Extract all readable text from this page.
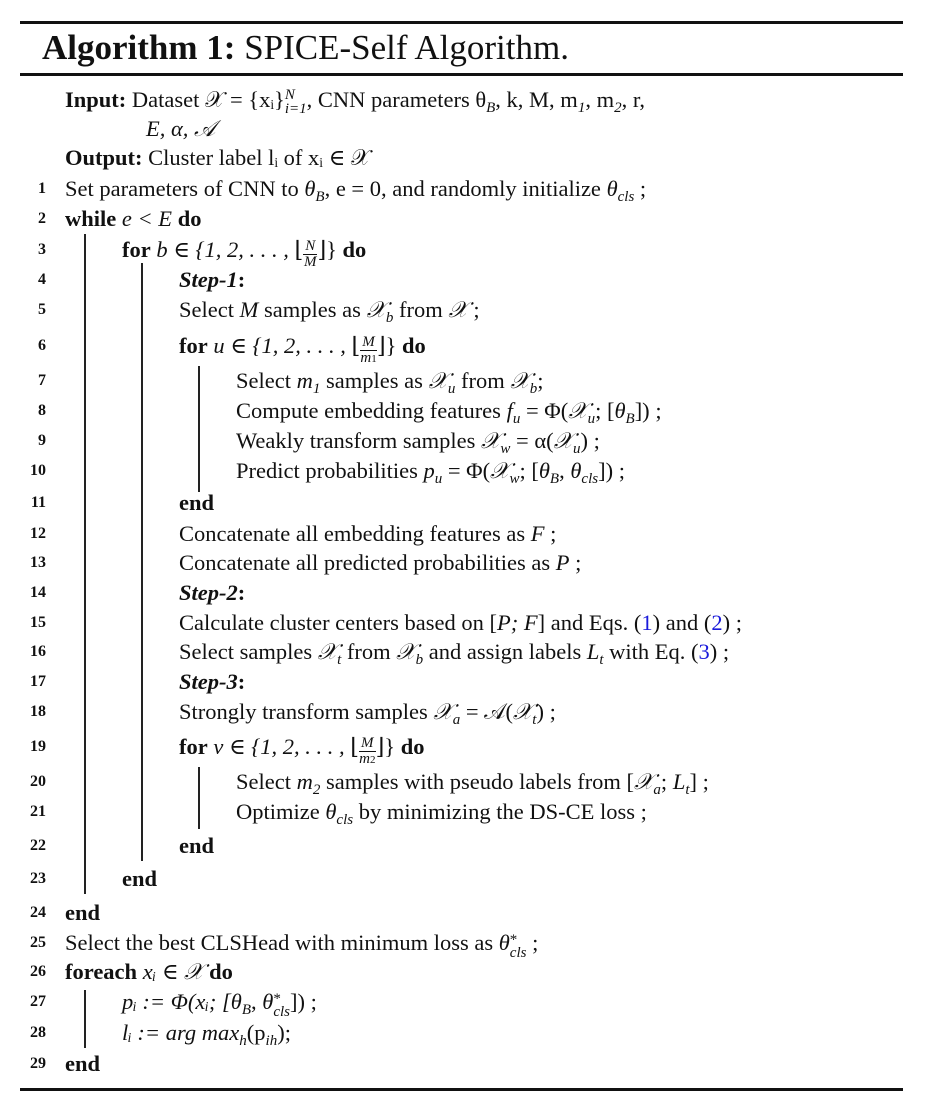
Algorithm 1: SPICE-Self Algorithm.
Input: Dataset 𝒳 = {xᵢ} N
i=1 , CNN parameters $\theta_B$, k, M, $m_1$, $m_2$, r,
E, α, 𝒜
Output: Cluster label lᵢ of xᵢ ∈ 𝒳
1 Set parameters of CNN to $\theta_B$, e = 0, and randomly initialize $\theta_{cls}$ ;
2 while e < E do
3	for b ∈ {1, 2, . . . , ⌊ $\frac{N}{M}$ ⌋} do
4	Step-1:
5	Select M samples as 𝒳$_b$ from 𝒳 ;
6	for u ∈ {1, 2, . . . , ⌊ $\frac{M}{m1}$ ⌋} do
7	Select $m_1$ samples as 𝒳$_u$ from 𝒳$_b$;
8	Compute embedding features $f_u$ = Φ(𝒳$_u$; $[\theta_B]$) ;
9	Weakly transform samples 𝒳$_w$ = α(𝒳$_u$) ;
10	Predict probabilities $p_u$ = Φ(𝒳$_w$; [$\theta_B$, $\theta_{cls}$]) ;
11	end
12	Concatenate all embedding features as F ;
13	Concatenate all predicted probabilities as P ;
14	Step-2:
15	Calculate cluster centers based on [P; F] and Eqs. (1) and (2) ;
16	Select samples 𝒳$_t$ from 𝒳$_b$ and assign labels $L_t$ with Eq. (3) ;
17	Step-3:
18	Strongly transform samples 𝒳$_a$ = 𝒜(𝒳$_t$) ;
19	for v ∈ {1, 2, . . . , ⌊ $\frac{M}{m2}$ ⌋} do
20	Select $m_2$ samples with pseudo labels from [𝒳$_a$; $L_t$] ;
21	Optimize $\theta_{cls}$ by minimizing the DS-CE loss ;
22	end
23	end
24 end
25 Select the best CLSHead with minimum loss as θ *
cls ;
26 foreach xᵢ ∈ 𝒳 do
27	pᵢ := Φ(xᵢ; [$\theta_B$, θ *
cls ]) ;
28	lᵢ := arg $\max_h(p_{ih})$;
29 end
